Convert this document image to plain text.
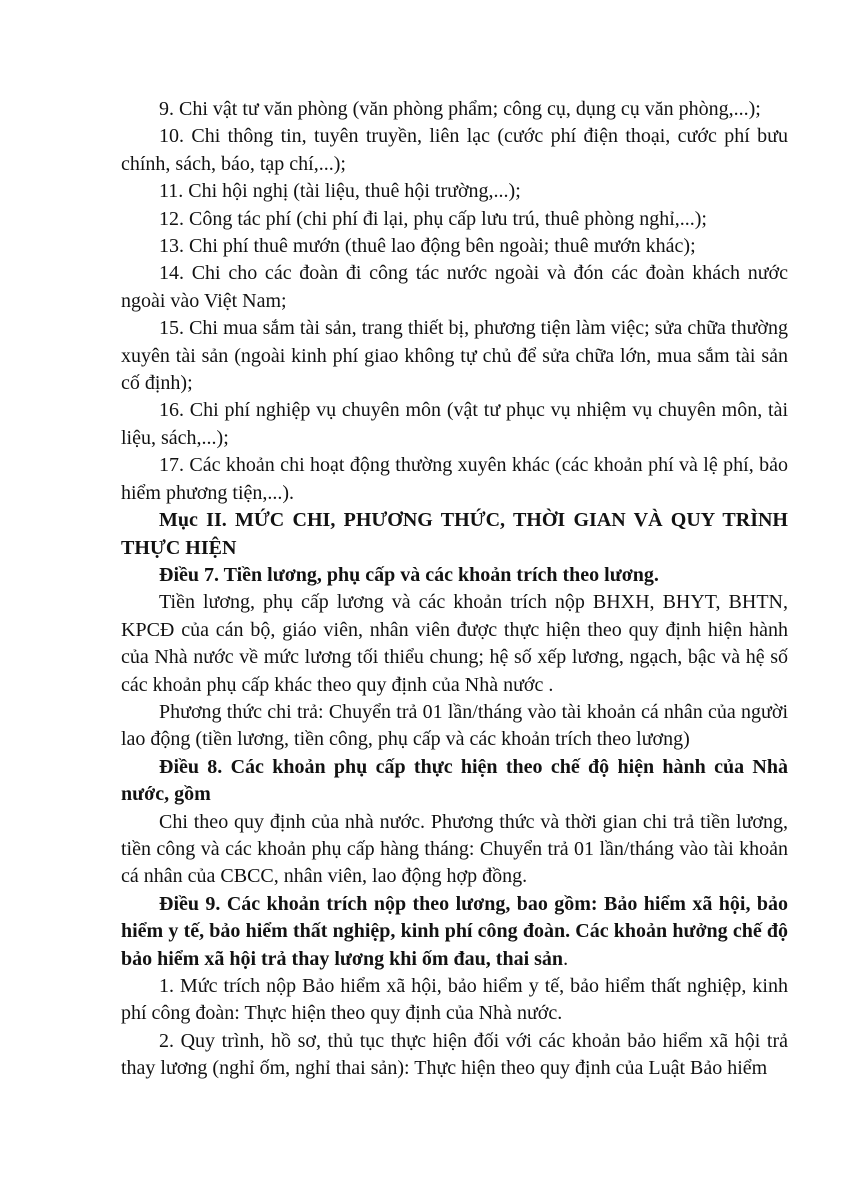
9. Chi vật tư văn phòng (văn phòng phẩm; công cụ, dụng cụ văn phòng,...);

10. Chi thông tin, tuyên truyền, liên lạc (cước phí điện thoại, cước phí bưu chính, sách, báo, tạp chí,...);

11. Chi hội nghị (tài liệu, thuê hội trường,...);

12. Công tác phí (chi phí đi lại, phụ cấp lưu trú, thuê phòng nghỉ,...);

13. Chi phí thuê mướn (thuê lao động bên ngoài; thuê mướn khác);

14. Chi cho các đoàn đi công tác nước ngoài và đón các đoàn khách nước ngoài vào Việt Nam;

15. Chi mua sắm tài sản, trang thiết bị, phương tiện làm việc; sửa chữa thường xuyên tài sản (ngoài kinh phí giao không tự chủ để sửa chữa lớn, mua sắm tài sản cố định);

16. Chi phí nghiệp vụ chuyên môn (vật tư phục vụ nhiệm vụ chuyên môn, tài liệu, sách,...);

17. Các khoản chi hoạt động thường xuyên khác (các khoản phí và lệ phí, bảo hiểm phương tiện,...).

Mục II. MỨC CHI, PHƯƠNG THỨC, THỜI GIAN VÀ QUY TRÌNH THỰC HIỆN

Điều 7. Tiền lương, phụ cấp và các khoản trích theo lương.

Tiền lương, phụ cấp lương và các khoản trích nộp BHXH, BHYT, BHTN, KPCĐ của cán bộ, giáo viên, nhân viên được thực hiện theo quy định hiện hành của Nhà nước về mức lương tối thiểu chung; hệ số xếp lương, ngạch, bậc và hệ số các khoản phụ cấp khác theo quy định của Nhà nước .

Phương thức chi trả: Chuyển trả 01 lần/tháng vào tài khoản cá nhân của người lao động (tiền lương, tiền công, phụ cấp và các khoản trích theo lương)

Điều 8. Các khoản phụ cấp thực hiện theo chế độ hiện hành của Nhà nước, gồm

Chi theo quy định của nhà nước. Phương thức và thời gian chi trả tiền lương, tiền công và các khoản phụ cấp hàng tháng: Chuyển trả 01 lần/tháng vào tài khoản cá nhân của CBCC, nhân viên, lao động hợp đồng.

Điều 9. Các khoản trích nộp theo lương, bao gồm: Bảo hiểm xã hội, bảo hiểm y tế, bảo hiểm thất nghiệp, kinh phí công đoàn. Các khoản hưởng chế độ bảo hiểm xã hội trả thay lương khi ốm đau, thai sản.

1. Mức trích nộp Bảo hiểm xã hội, bảo hiểm y tế, bảo hiểm thất nghiệp, kinh phí công đoàn: Thực hiện theo quy định của Nhà nước.

2. Quy trình, hồ sơ, thủ tục thực hiện đối với các khoản bảo hiểm xã hội trả thay lương (nghỉ ốm, nghỉ thai sản): Thực hiện theo quy định của Luật Bảo hiểm
